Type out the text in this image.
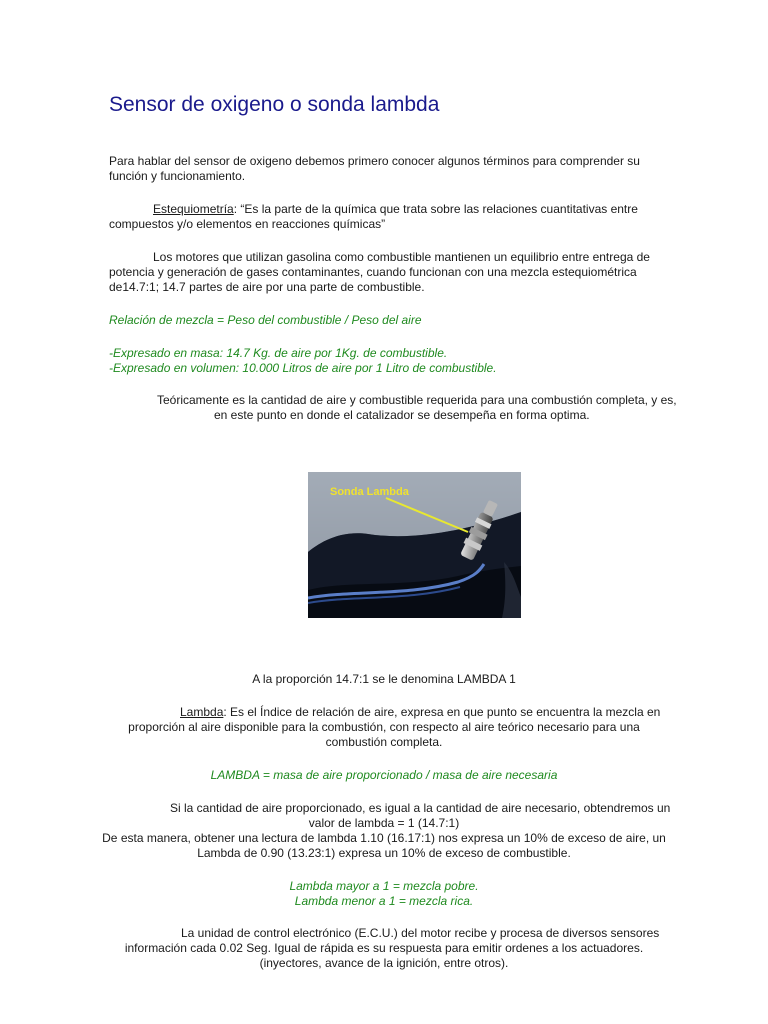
Sensor de oxigeno o sonda lambda
Para hablar del sensor de oxigeno debemos primero conocer algunos términos para comprender su
función y funcionamiento.
Estequiometría: “Es la parte de la química que trata sobre las relaciones cuantitativas entre
compuestos y/o elementos en reacciones químicas”
Los motores que utilizan gasolina como combustible mantienen un equilibrio entre entrega de
potencia y generación de gases contaminantes, cuando funcionan con una mezcla estequiométrica
de14.7:1; 14.7 partes de aire por una parte de combustible.
Relación de mezcla = Peso del combustible / Peso del aire
-Expresado en masa: 14.7 Kg. de aire por 1Kg. de combustible.
-Expresado en volumen: 10.000 Litros de aire por 1 Litro de combustible.
Teóricamente es la cantidad de aire y combustible requerida para una combustión completa, y es,
en este punto en donde el catalizador se desempeña en forma optima.
Sonda Lambda
A la proporción 14.7:1 se le denomina LAMBDA 1
Lambda: Es el Índice de relación de aire, expresa en que punto se encuentra la mezcla en
proporción al aire disponible para la combustión, con respecto al aire teórico necesario para una
combustión completa.
LAMBDA = masa de aire proporcionado / masa de aire necesaria
Si la cantidad de aire proporcionado, es igual a la cantidad de aire necesario, obtendremos un
valor de lambda = 1 (14.7:1)
De esta manera, obtener una lectura de lambda 1.10 (16.17:1) nos expresa un 10% de exceso de aire, un
Lambda de 0.90 (13.23:1) expresa un 10% de exceso de combustible.
Lambda mayor a 1 = mezcla pobre.
Lambda menor a 1 = mezcla rica.
La unidad de control electrónico (E.C.U.) del motor recibe y procesa de diversos sensores
información cada 0.02 Seg. Igual de rápida es su respuesta para emitir ordenes a los actuadores.
(inyectores, avance de la ignición, entre otros).
